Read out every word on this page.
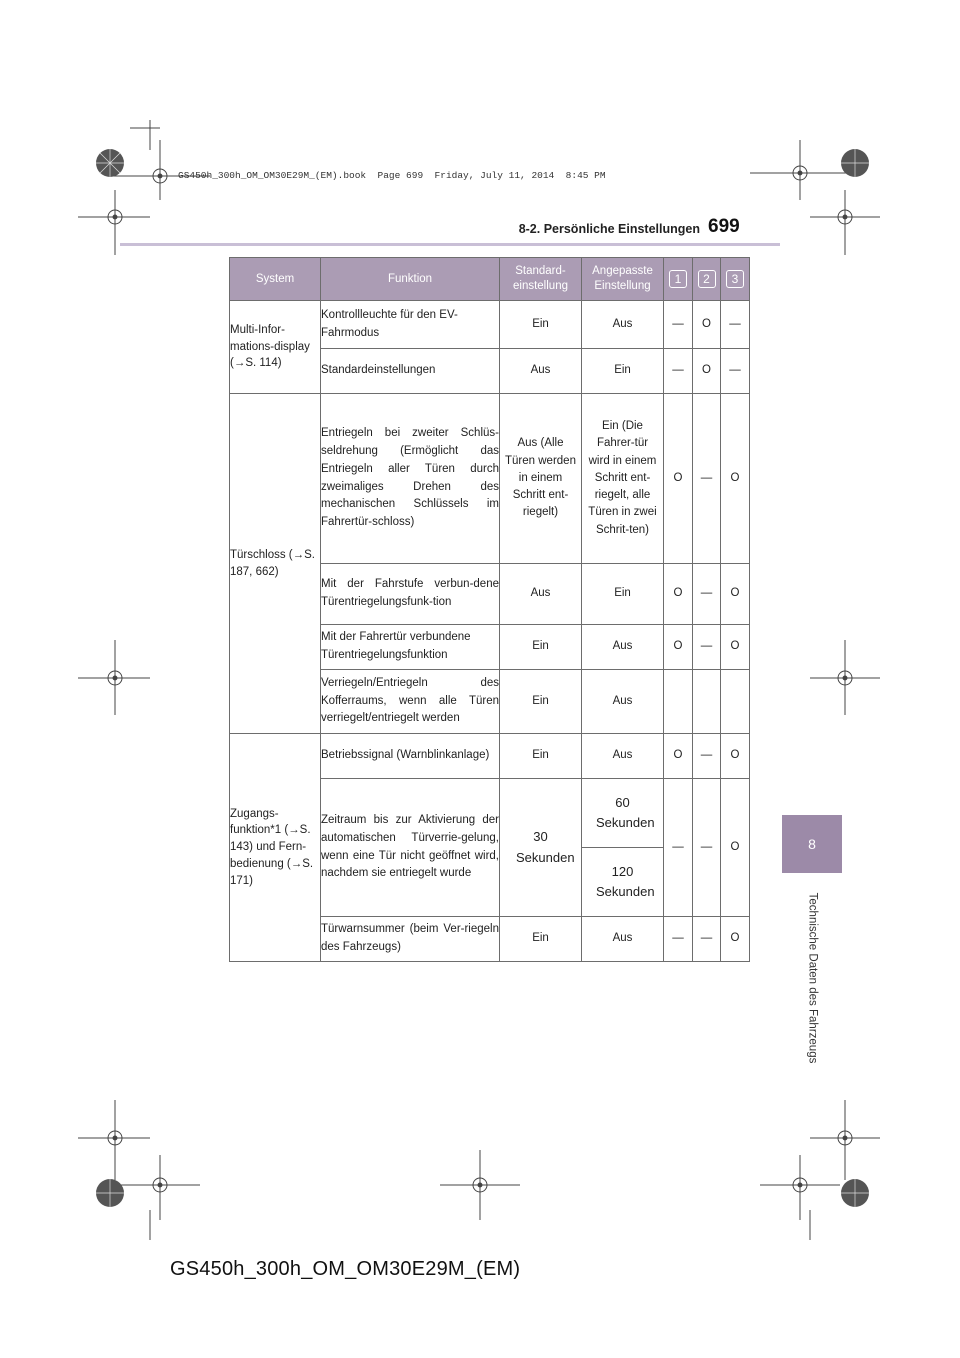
GS450h_300h_OM_OM30E29M_(EM).book  Page 699  Friday, July 11, 2014  8:45 PM
8-2. Persönliche Einstellungen 699
8
Technische Daten des Fahrzeugs
System	Funktion	Standard-einstellung	Angepasste Einstellung	1	2	3
Multi-Infor-mations-display (→S. 114)	Kontrollleuchte für den EV-Fahrmodus	Ein	Aus	—	O	—
	Standardeinstellungen	Aus	Ein	—	O	—
Türschloss (→S. 187, 662)	Entriegeln bei zweiter Schlüs-seldrehung (Ermöglicht das Entriegeln aller Türen durch zweimaliges Drehen des mechanischen Schlüssels im Fahrertür-schloss)	Aus (Alle Türen werden in einem Schritt ent-riegelt)	Ein (Die Fahrer-tür wird in einem Schritt ent-riegelt, alle Türen in zwei Schrit-ten)	O	—	O
	Mit der Fahrstufe verbun-dene Türentriegelungsfunk-tion	Aus	Ein	O	—	O
	Mit der Fahrertür verbundene Türentriegelungsfunktion	Ein	Aus	O	—	O
	Verriegeln/Entriegeln des Kofferraums, wenn alle Türen verriegelt/entriegelt werden	Ein	Aus			
Zugangs-funktion*1 (→S. 143) und Fern-bedienung (→S. 171)	Betriebssignal (Warnblinkanlage)	Ein	Aus	O	—	O
	Zeitraum bis zur Aktivierung der automatischen Türverrie-gelung, wenn eine Tür nicht geöffnet wird, nachdem sie entriegelt wurde	30 Sekunden	60 Sekunden	—	—	O
			120 Sekunden			
	Türwarnsummer (beim Ver-riegeln des Fahrzeugs)	Ein	Aus	—	—	O
GS450h_300h_OM_OM30E29M_(EM)
